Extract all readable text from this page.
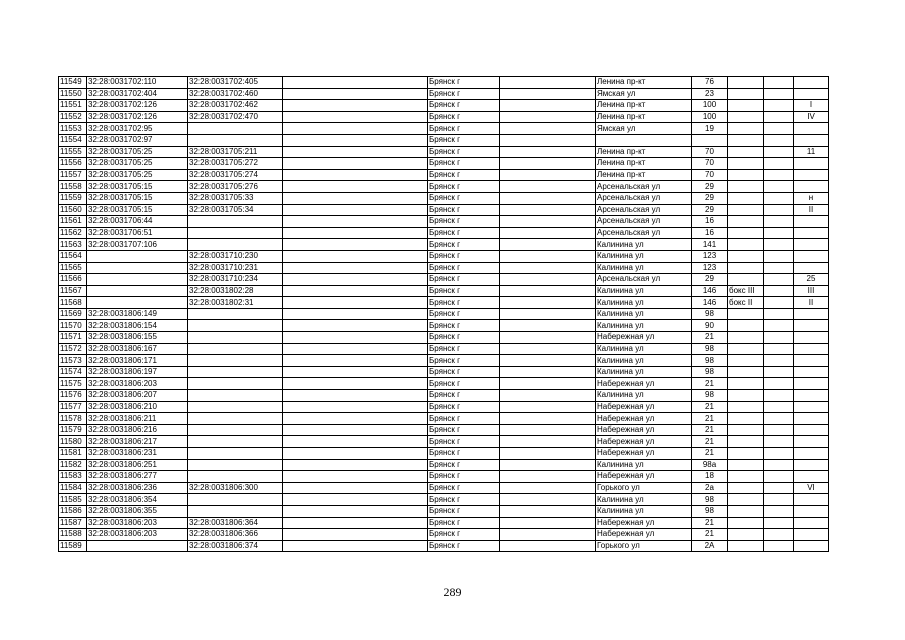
11549	32:28:0031702:110	32:28:0031702:405		Брянск г		Ленина пр-кт	76			
11550	32:28:0031702:404	32:28:0031702:460		Брянск г		Ямская ул	23			
11551	32:28:0031702:126	32:28:0031702:462		Брянск г		Ленина пр-кт	100			I
11552	32:28:0031702:126	32:28:0031702:470		Брянск г		Ленина пр-кт	100			IV
11553	32:28:0031702:95			Брянск г		Ямская ул	19			
11554	32:28:0031702:97			Брянск г						
11555	32:28:0031705:25	32:28:0031705:211		Брянск г		Ленина пр-кт	70			11
11556	32:28:0031705:25	32:28:0031705:272		Брянск г		Ленина пр-кт	70			
11557	32:28:0031705:25	32:28:0031705:274		Брянск г		Ленина пр-кт	70			
11558	32:28:0031705:15	32:28:0031705:276		Брянск г		Арсенальская ул	29			
11559	32:28:0031705:15	32:28:0031705:33		Брянск г		Арсенальская ул	29			н
11560	32:28:0031705:15	32:28:0031705:34		Брянск г		Арсенальская ул	29			II
11561	32:28:0031706:44			Брянск г		Арсенальская ул	16			
11562	32:28:0031706:51			Брянск г		Арсенальская ул	16			
11563	32:28:0031707:106			Брянск г		Калинина ул	141			
11564		32:28:0031710:230		Брянск г		Калинина ул	123			
11565		32:28:0031710:231		Брянск г		Калинина ул	123			
11566		32:28:0031710:234		Брянск г		Арсенальская ул	29			25
11567		32:28:0031802:28		Брянск г		Калинина ул	146	бокс III		III
11568		32:28:0031802:31		Брянск г		Калинина ул	146	бокс II		II
11569	32:28:0031806:149			Брянск г		Калинина ул	98			
11570	32:28:0031806:154			Брянск г		Калинина ул	90			
11571	32:28:0031806:155			Брянск г		Набережная ул	21			
11572	32:28:0031806:167			Брянск г		Калинина ул	98			
11573	32:28:0031806:171			Брянск г		Калинина ул	98			
11574	32:28:0031806:197			Брянск г		Калинина ул	98			
11575	32:28:0031806:203			Брянск г		Набережная ул	21			
11576	32:28:0031806:207			Брянск г		Калинина ул	98			
11577	32:28:0031806:210			Брянск г		Набережная ул	21			
11578	32:28:0031806:211			Брянск г		Набережная ул	21			
11579	32:28:0031806:216			Брянск г		Набережная ул	21			
11580	32:28:0031806:217			Брянск г		Набережная ул	21			
11581	32:28:0031806:231			Брянск г		Набережная ул	21			
11582	32:28:0031806:251			Брянск г		Калинина ул	98а			
11583	32:28:0031806:277			Брянск г		Набережная ул	18			
11584	32:28:0031806:236	32:28:0031806:300		Брянск г		Горького ул	2а			VI
11585	32:28:0031806:354			Брянск г		Калинина ул	98			
11586	32:28:0031806:355			Брянск г		Калинина ул	98			
11587	32:28:0031806:203	32:28:0031806:364		Брянск г		Набережная ул	21			
11588	32:28:0031806:203	32:28:0031806:366		Брянск г		Набережная ул	21			
11589		32:28:0031806:374		Брянск г		Горького ул	2А			
289
